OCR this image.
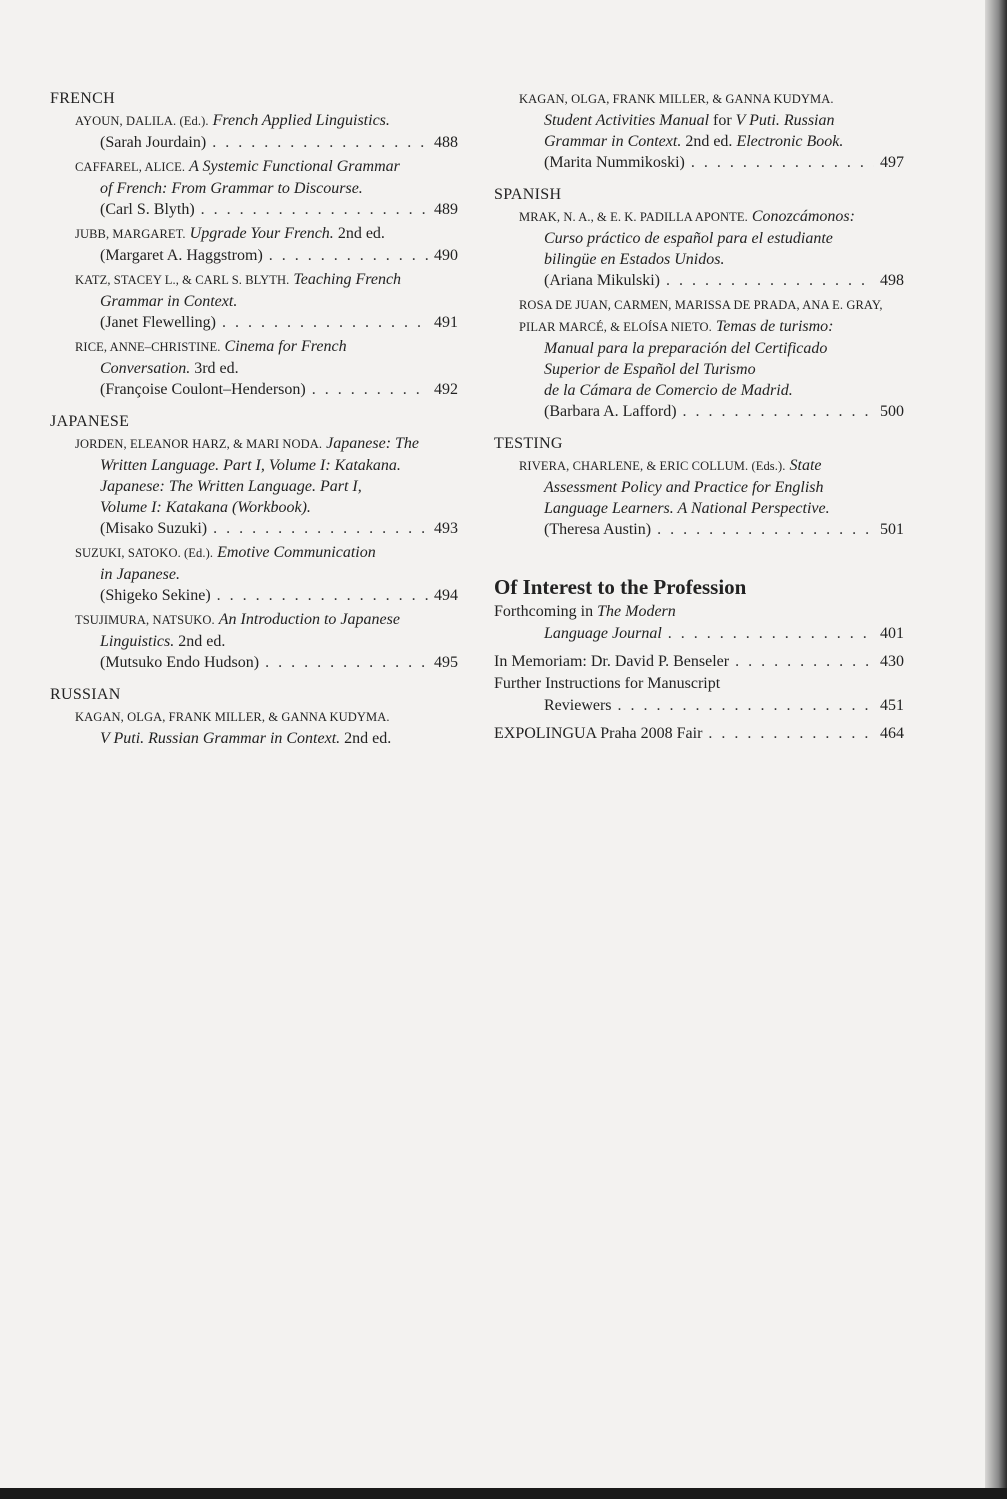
FRENCH
AYOUN, DALILA. (Ed.). French Applied Linguistics.
(Sarah Jourdain) . . .	488
CAFFAREL, ALICE. A Systemic Functional Grammar
of French: From Grammar to Discourse.
(Carl S. Blyth) . . .	489
JUBB, MARGARET. Upgrade Your French. 2nd ed.
(Margaret A. Haggstrom) . . .	490
KATZ, STACEY L., & CARL S. BLYTH. Teaching French
Grammar in Context.
(Janet Flewelling) . . .	491
RICE, ANNE–CHRISTINE. Cinema for French
Conversation. 3rd ed.
(Françoise Coulont–Henderson) . . .	492
JAPANESE
JORDEN, ELEANOR HARZ, & MARI NODA. Japanese: The
Written Language. Part I, Volume I: Katakana.
Japanese: The Written Language. Part I,
Volume I: Katakana (Workbook).
(Misako Suzuki) . . .	493
SUZUKI, SATOKO. (Ed.). Emotive Communication
in Japanese.
(Shigeko Sekine) . . .	494
TSUJIMURA, NATSUKO. An Introduction to Japanese
Linguistics. 2nd ed.
(Mutsuko Endo Hudson) . . .	495
RUSSIAN
KAGAN, OLGA, FRANK MILLER, & GANNA KUDYMA.
V Puti. Russian Grammar in Context. 2nd ed.
KAGAN, OLGA, FRANK MILLER, & GANNA KUDYMA.
Student Activities Manual for V Puti. Russian
Grammar in Context. 2nd ed. Electronic Book.
(Marita Nummikoski) . . .	497
SPANISH
MRAK, N. A., & E. K. PADILLA APONTE. Conozcámonos:
Curso práctico de español para el estudiante
bilingüe en Estados Unidos.
(Ariana Mikulski) . . .	498
ROSA DE JUAN, CARMEN, MARISSA DE PRADA, ANA E. GRAY,
PILAR MARCÉ, & ELOÍSA NIETO. Temas de turismo:
Manual para la preparación del Certificado
Superior de Español del Turismo
de la Cámara de Comercio de Madrid.
(Barbara A. Lafford) . . .	500
TESTING
RIVERA, CHARLENE, & ERIC COLLUM. (Eds.). State
Assessment Policy and Practice for English
Language Learners. A National Perspective.
(Theresa Austin) . . .	501
Of Interest to the Profession
Forthcoming in The Modern
Language Journal . . .	401
In Memoriam: Dr. David P. Benseler . . .	430
Further Instructions for Manuscript
Reviewers . . .	451
EXPOLINGUA Praha 2008 Fair . . .	464
